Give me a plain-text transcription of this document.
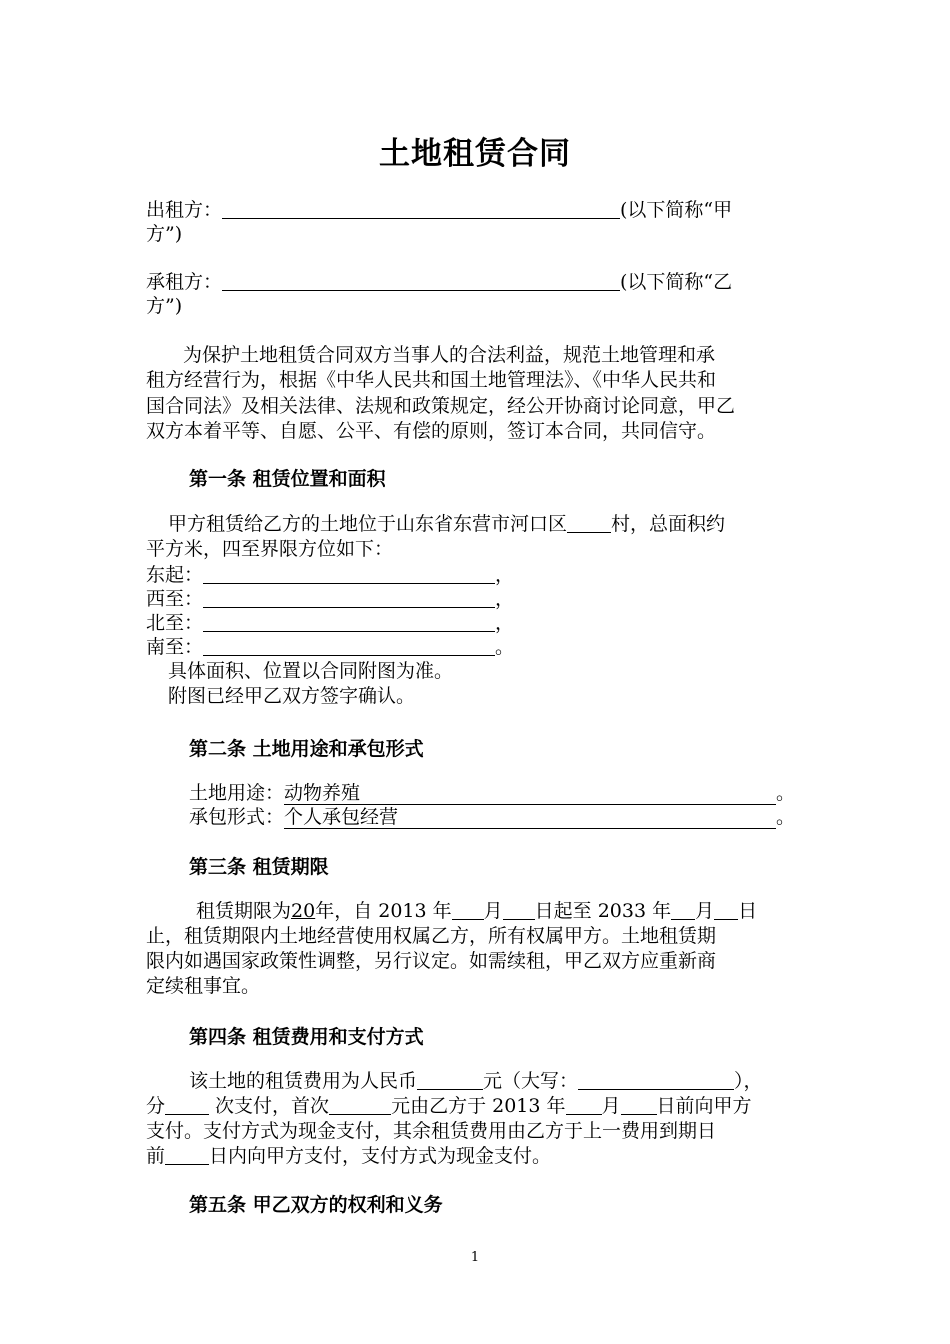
土地租赁合同
出租方：	(以下简称“甲
方”)
承租方：	(以下简称“乙
方”)
为保护土地租赁合同双方当事人的合法利益，规范土地管理和承
租方经营行为，根据《中华人民共和国土地管理法》、《中华人民共和
国合同法》及相关法律、法规和政策规定，经公开协商讨论同意，甲乙
双方本着平等、自愿、公平、有偿的原则，签订本合同，共同信守。
第一条 租赁位置和面积
甲方租赁给乙方的土地位于山东省东营市河口区 村，总面积约
平方米，四至界限方位如下：
东起：	，
西至：	，
北至：	，
南至：	。
具体面积、位置以合同附图为准。
附图已经甲乙双方签字确认。
第二条 土地用途和承包形式
土地用途：动物养殖	。
承包形式：个人承包经营	。
第三条 租赁期限
租赁期限为20年，自 2013 年 月 日起至 2033 年 月 日
止，租赁期限内土地经营使用权属乙方，所有权属甲方。土地租赁期
限内如遇国家政策性调整，另行议定。如需续租，甲乙双方应重新商
定续租事宜。
第四条 租赁费用和支付方式
该土地的租赁费用为人民币	元（大写：	），
分 次支付，首次	元由乙方于 2013 年 月 日前向甲方
支付。支付方式为现金支付，其余租赁费用由乙方于上一费用到期日
前 日内向甲方支付，支付方式为现金支付。
第五条 甲乙双方的权利和义务
1
